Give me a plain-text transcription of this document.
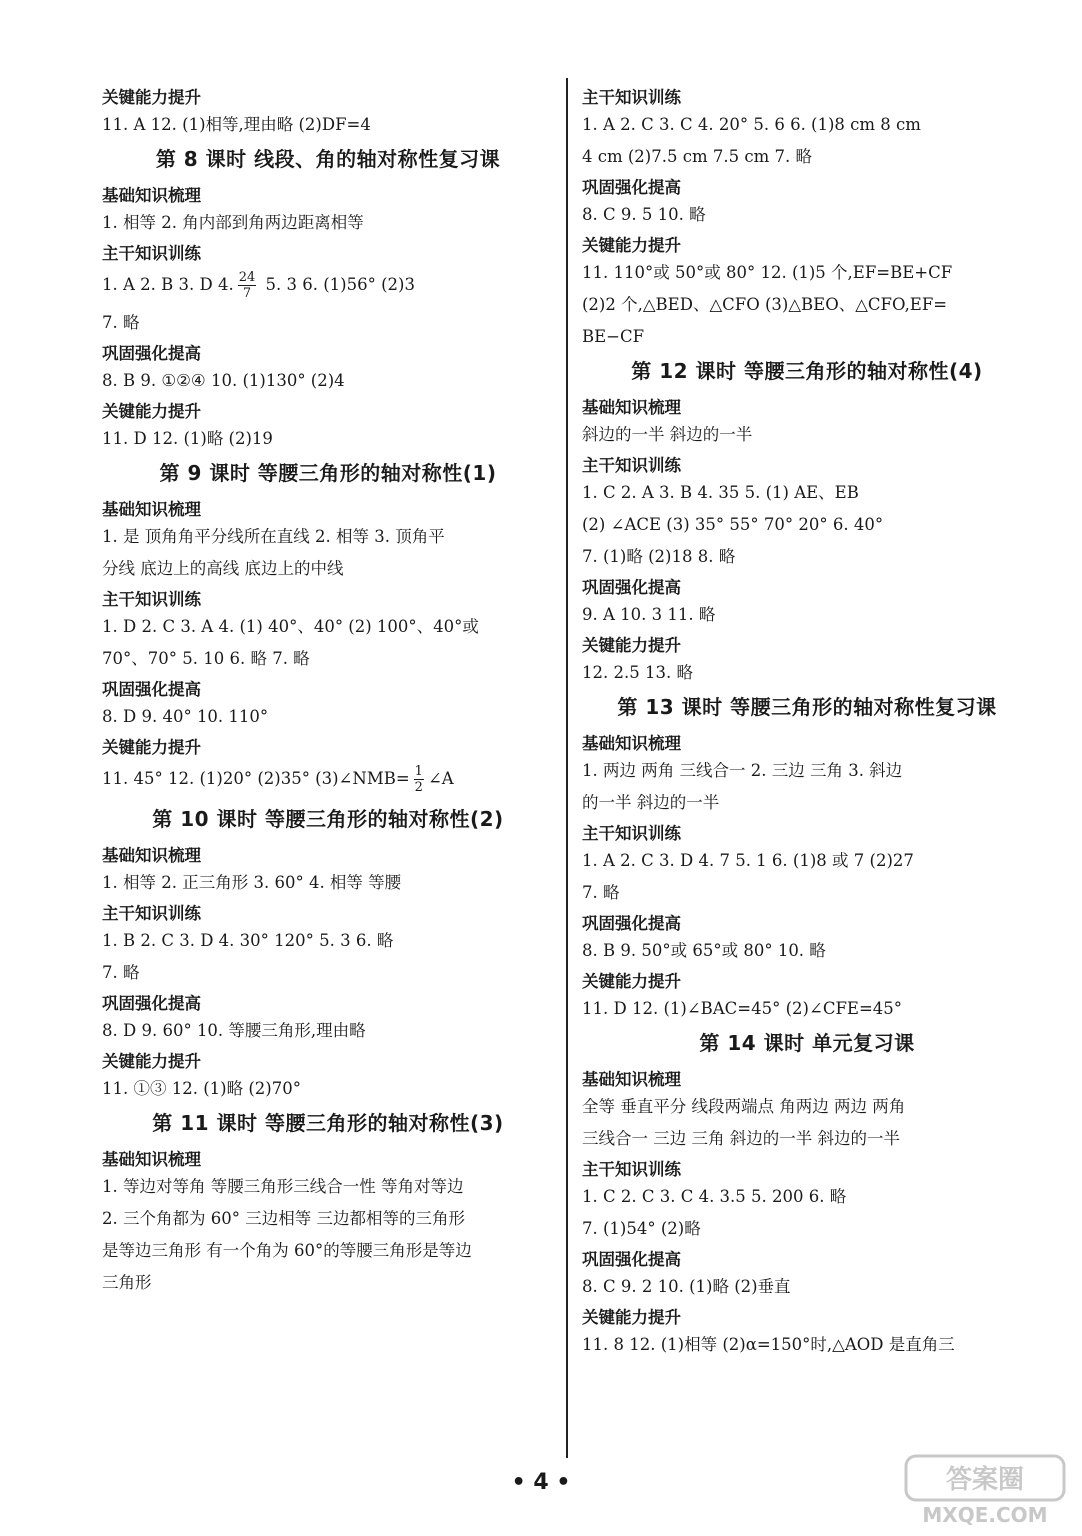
关键能力提升
11. A 12. (1)相等,理由略 (2)DF=4
第 8 课时 线段、角的轴对称性复习课
基础知识梳理
1. 相等 2. 角内部到角两边距离相等
主干知识训练
1. A 2. B 3. D 4. $\frac{24}{7} 5$. 3 6. (1)56° (2)3
7. 略
巩固强化提高
8. B 9. ①②④ 10. (1)130° (2)4
关键能力提升
11. D 12. (1)略 (2)19
第 9 课时 等腰三角形的轴对称性(1)
基础知识梳理
1. 是 顶角角平分线所在直线 2. 相等 3. 顶角平
分线 底边上的高线 底边上的中线
主干知识训练
1. D 2. C 3. A 4. (1) 40°、40° (2) 100°、40°或
70°、70° 5. 10 6. 略 7. 略
巩固强化提高
8. D 9. 40° 10. 110°
关键能力提升
11. 45° 12. (1)20° (2)35° (3)∠NMB= $\frac{1}{2}$ ∠A
第 10 课时 等腰三角形的轴对称性(2)
基础知识梳理
1. 相等 2. 正三角形 3. 60° 4. 相等 等腰
主干知识训练
1. B 2. C 3. D 4. 30° 120° 5. 3 6. 略
7. 略
巩固强化提高
8. D 9. 60° 10. 等腰三角形,理由略
关键能力提升
11. ①③ 12. (1)略 (2)70°
第 11 课时 等腰三角形的轴对称性(3)
基础知识梳理
1. 等边对等角 等腰三角形三线合一性 等角对等边
2. 三个角都为 60° 三边相等 三边都相等的三角形
是等边三角形 有一个角为 60°的等腰三角形是等边
三角形
主干知识训练
1. A 2. C 3. C 4. 20° 5. 6 6. (1)8 cm 8 cm
4 cm (2)7.5 cm 7.5 cm 7. 略
巩固强化提高
8. C 9. 5 10. 略
关键能力提升
11. 110°或 50°或 80° 12. (1)5 个,EF=BE+CF
(2)2 个,△BED、△CFO (3)△BEO、△CFO,EF=
BE−CF
第 12 课时 等腰三角形的轴对称性(4)
基础知识梳理
斜边的一半 斜边的一半
主干知识训练
1. C 2. A 3. B 4. 35 5. (1) AE、EB
(2) ∠ACE (3) 35° 55° 70° 20° 6. 40°
7. (1)略 (2)18 8. 略
巩固强化提高
9. A 10. 3 11. 略
关键能力提升
12. 2.5 13. 略
第 13 课时 等腰三角形的轴对称性复习课
基础知识梳理
1. 两边 两角 三线合一 2. 三边 三角 3. 斜边
的一半 斜边的一半
主干知识训练
1. A 2. C 3. D 4. 7 5. 1 6. (1)8 或 7 (2)27
7. 略
巩固强化提高
8. B 9. 50°或 65°或 80° 10. 略
关键能力提升
11. D 12. (1)∠BAC=45° (2)∠CFE=45°
第 14 课时 单元复习课
基础知识梳理
全等 垂直平分 线段两端点 角两边 两边 两角
三线合一 三边 三角 斜边的一半 斜边的一半
主干知识训练
1. C 2. C 3. C 4. 3.5 5. 200 6. 略
7. (1)54° (2)略
巩固强化提高
8. C 9. 2 10. (1)略 (2)垂直
关键能力提升
11. 8 12. (1)相等 (2)α=150°时,△AOD 是直角三
• 4 •	答案圈
MXQE.COM
